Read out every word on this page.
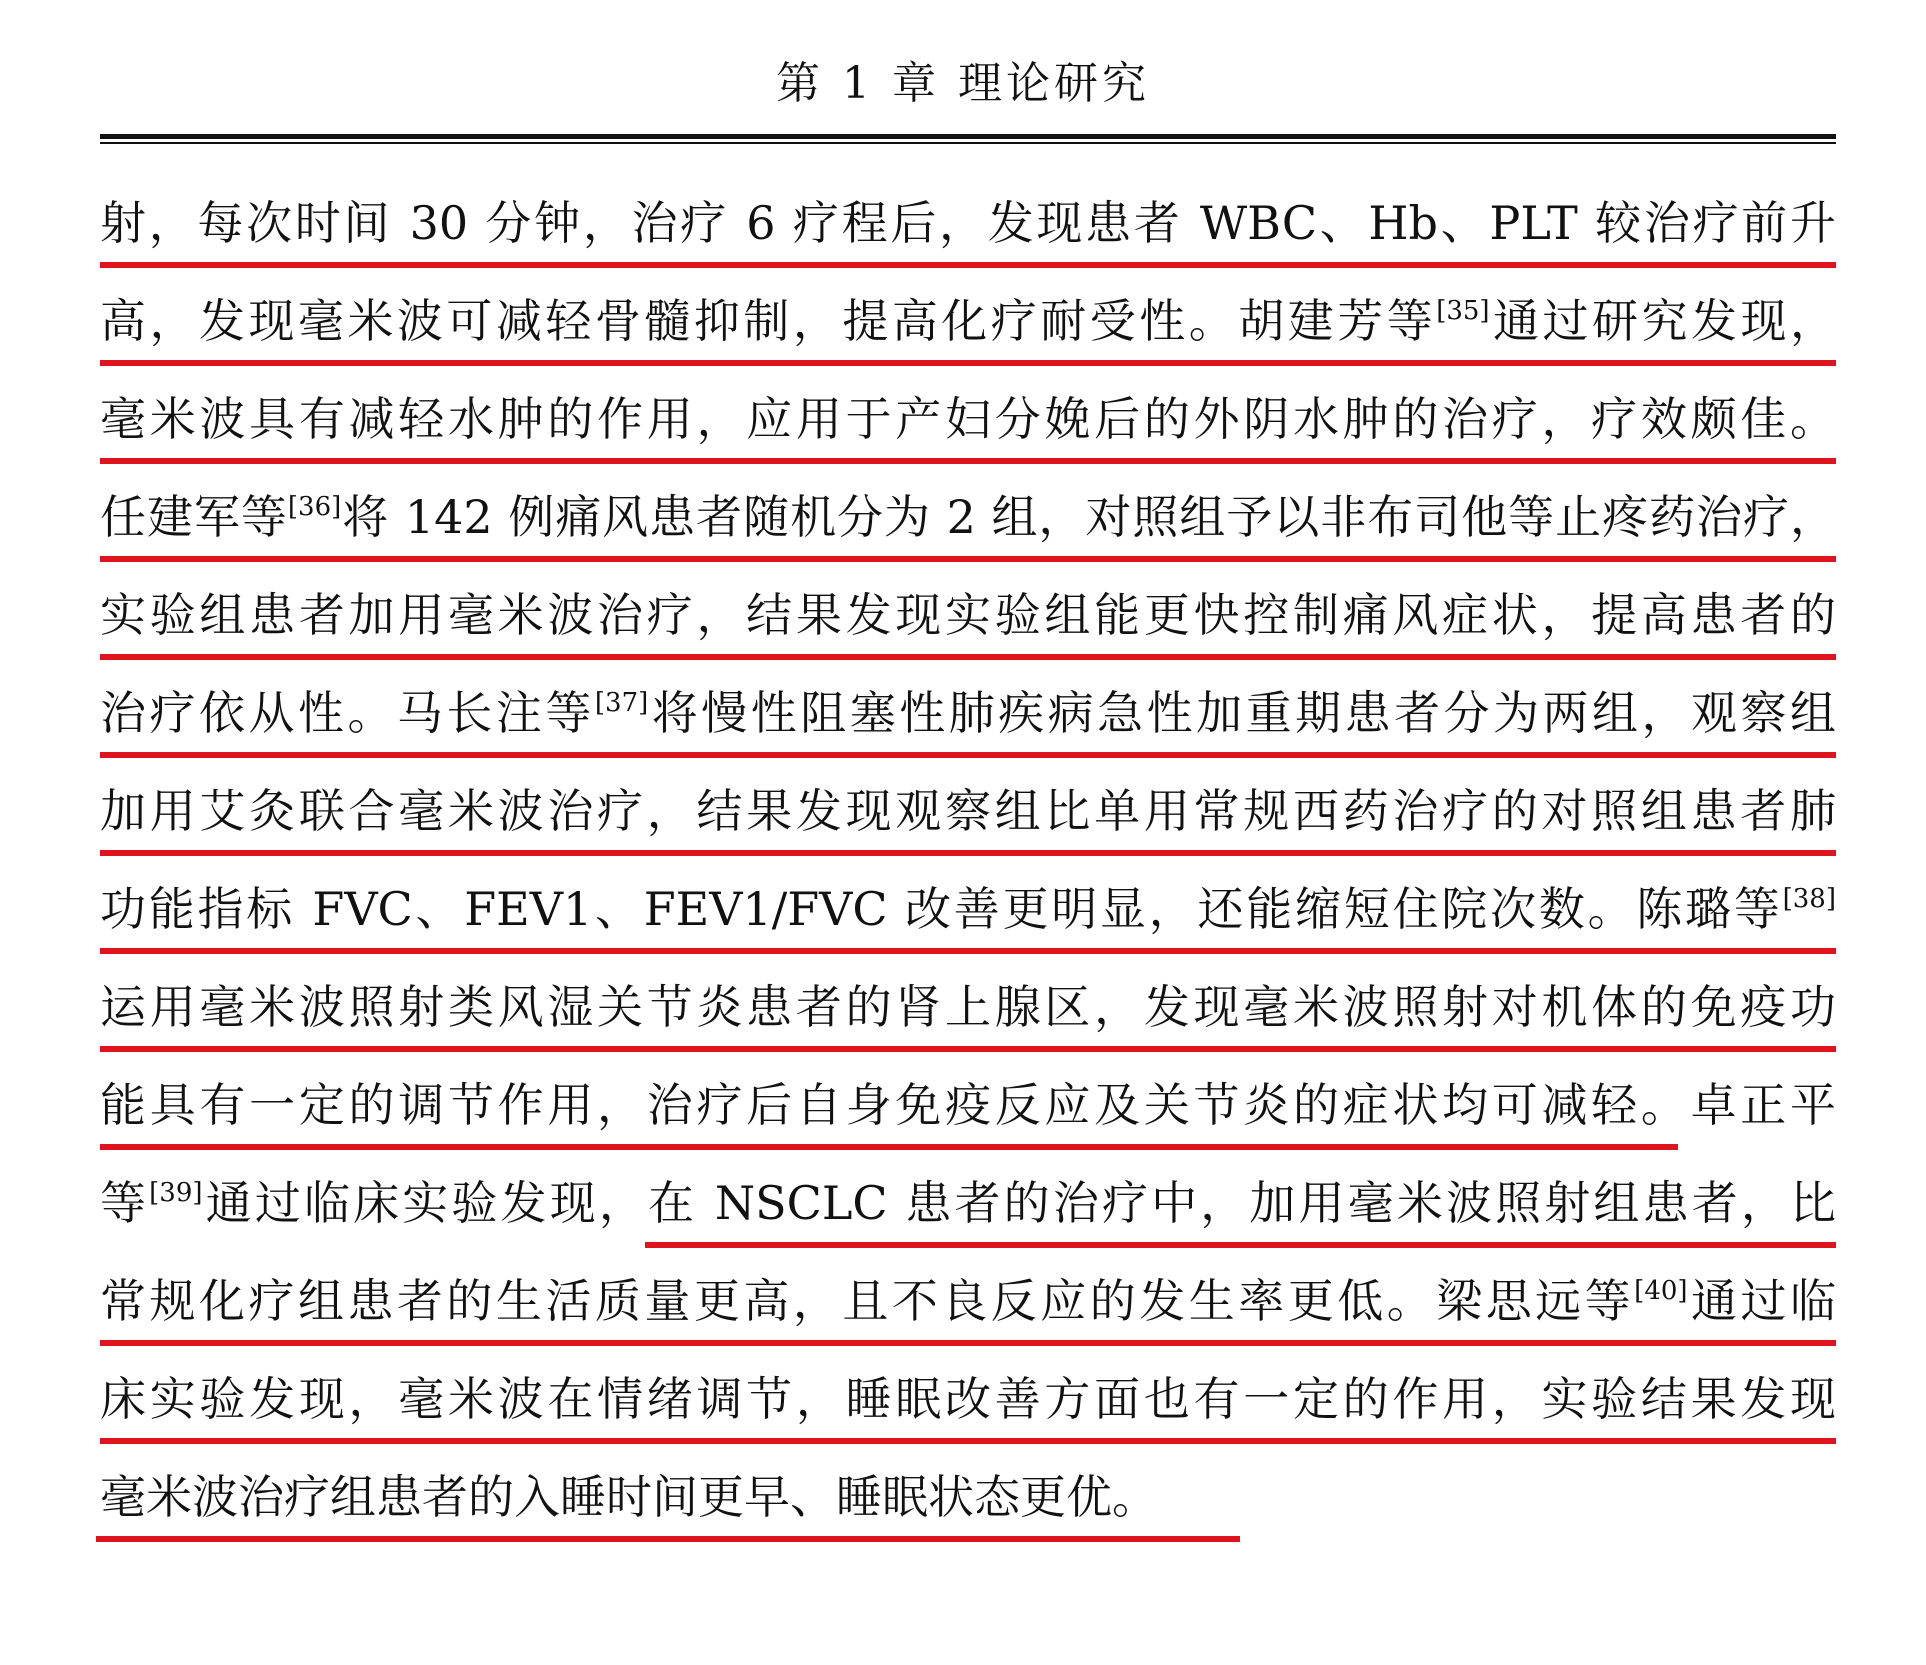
第 1 章 理论研究
射，每次时间 30 分钟，治疗 6 疗程后，发现患者 WBC、Hb、PLT 较治疗前升
高，发现毫米波可减轻骨髓抑制，提高化疗耐受性。胡建芳等[35]通过研究发现，
毫米波具有减轻水肿的作用，应用于产妇分娩后的外阴水肿的治疗，疗效颇佳。
任建军等[36]将 142 例痛风患者随机分为 2 组，对照组予以非布司他等止疼药治疗，
实验组患者加用毫米波治疗，结果发现实验组能更快控制痛风症状，提高患者的
治疗依从性。马长注等[37]将慢性阻塞性肺疾病急性加重期患者分为两组，观察组
加用艾灸联合毫米波治疗，结果发现观察组比单用常规西药治疗的对照组患者肺
功能指标 FVC、FEV1、FEV1/FVC 改善更明显，还能缩短住院次数。陈璐等[38]
运用毫米波照射类风湿关节炎患者的肾上腺区，发现毫米波照射对机体的免疫功
能具有一定的调节作用，治疗后自身免疫反应及关节炎的症状均可减轻。卓正平
等[39]通过临床实验发现，在 NSCLC 患者的治疗中，加用毫米波照射组患者，比
常规化疗组患者的生活质量更高，且不良反应的发生率更低。梁思远等[40]通过临
床实验发现，毫米波在情绪调节，睡眠改善方面也有一定的作用，实验结果发现
毫米波治疗组患者的入睡时间更早、睡眠状态更优。
